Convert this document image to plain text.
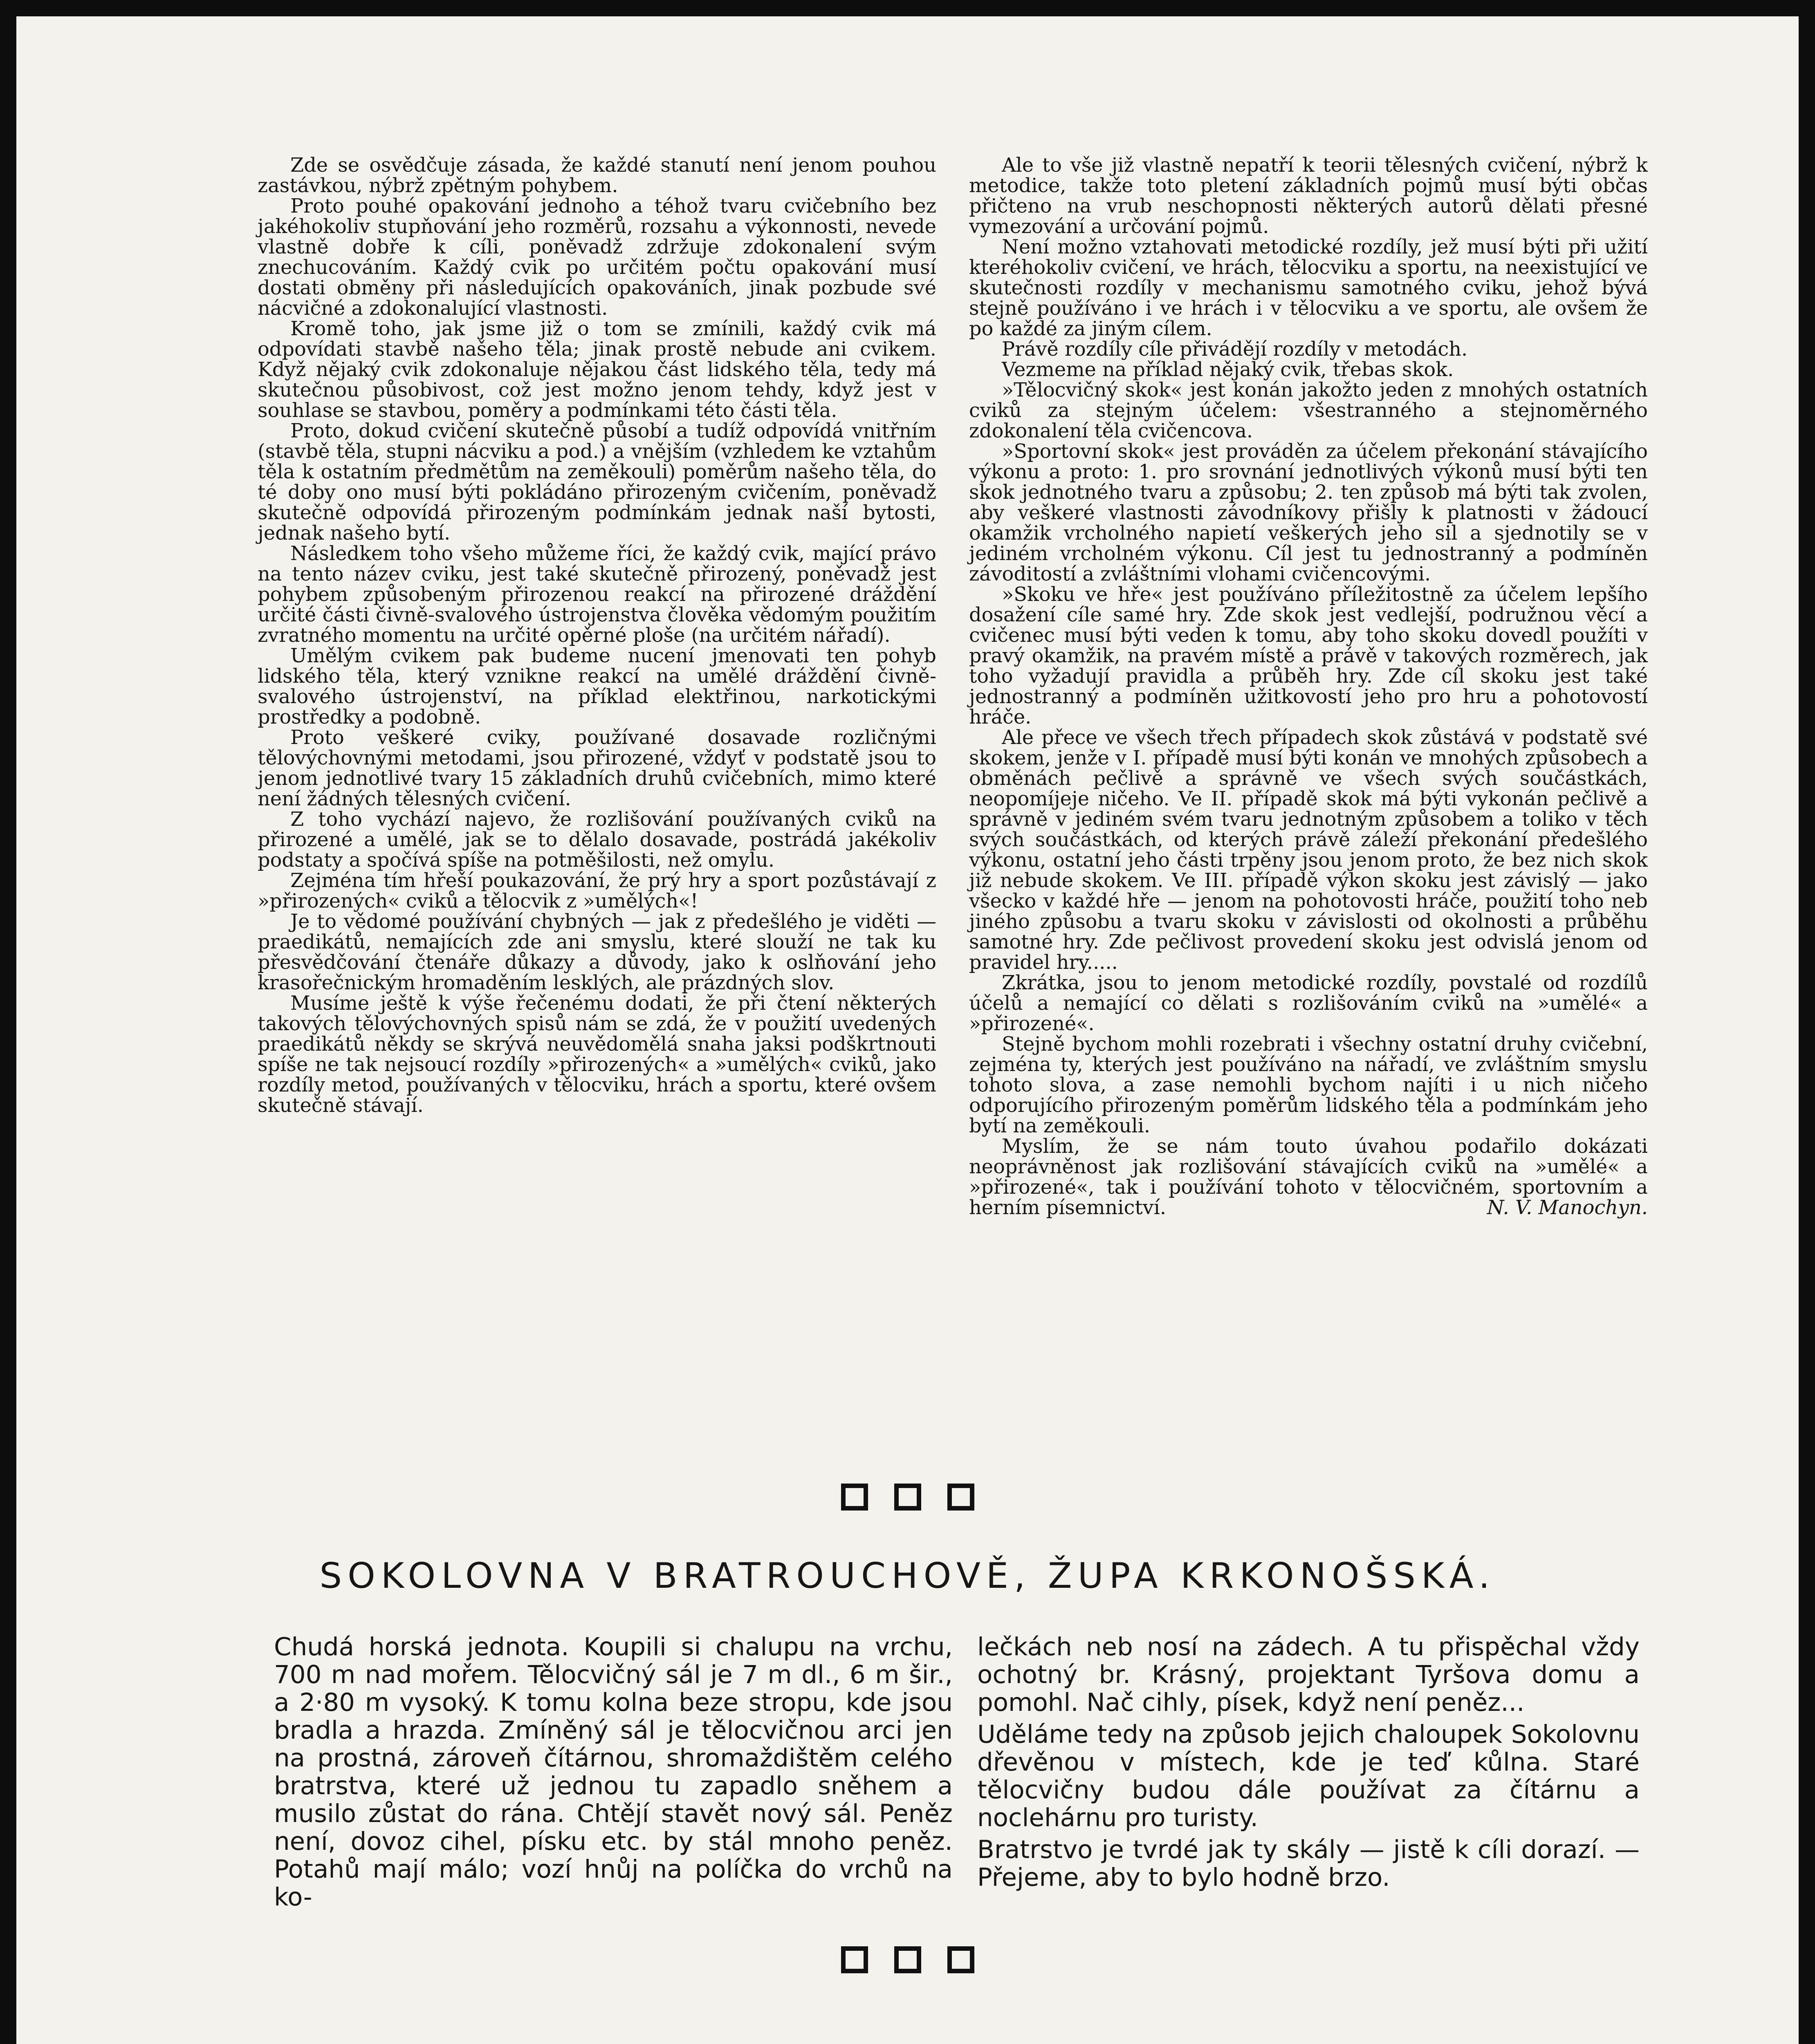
Zde se osvědčuje zásada, že každé stanutí není jenom pouhou zastávkou, nýbrž zpětným pohybem.

Proto pouhé opakování jednoho a téhož tvaru cvičebního bez jakéhokoliv stupňování jeho rozměrů, rozsahu a výkonnosti, nevede vlastně dobře k cíli, poněvadž zdržuje zdokonalení svým znechucováním. Každý cvik po určitém počtu opakování musí dostati obměny při následujících opakováních, jinak pozbude své nácvičné a zdokonalující vlastnosti.

Kromě toho, jak jsme již o tom se zmínili, každý cvik má odpovídati stavbě našeho těla; jinak prostě nebude ani cvikem. Když nějaký cvik zdokonaluje nějakou část lidského těla, tedy má skutečnou působivost, což jest možno jenom tehdy, když jest v souhlase se stavbou, poměry a podmínkami této části těla.

Proto, dokud cvičení skutečně působí a tudíž odpovídá vnitřním (stavbě těla, stupni nácviku a pod.) a vnějším (vzhledem ke vztahům těla k ostatním předmětům na zeměkouli) poměrům našeho těla, do té doby ono musí býti pokládáno přirozeným cvičením, poněvadž skutečně odpovídá přirozeným podmínkám jednak naší bytosti, jednak našeho bytí.

Následkem toho všeho můžeme říci, že každý cvik, mající právo na tento název cviku, jest také skutečně přirozený, poněvadž jest pohybem způsobeným přirozenou reakcí na přirozené dráždění určité části čivně-svalového ústrojenstva člověka vědomým použitím zvratného momentu na určité opěrné ploše (na určitém nářadí).

Umělým cvikem pak budeme nucení jmenovati ten pohyb lidského těla, který vznikne reakcí na umělé dráždění čivně-svalového ústrojenství, na příklad elektřinou, narkotickými prostředky a podobně.

Proto veškeré cviky, používané dosavade rozličnými tělovýchovnými metodami, jsou přirozené, vždyť v podstatě jsou to jenom jednotlivé tvary 15 základních druhů cvičebních, mimo které není žádných tělesných cvičení.

Z toho vychází najevo, že rozlišování používaných cviků na přirozené a umělé, jak se to dělalo dosavade, postrádá jakékoliv podstaty a spočívá spíše na potměšilosti, než omylu.

Zejména tím hřeší poukazování, že prý hry a sport pozůstávají z »přirozených« cviků a tělocvik z »umělých«!

Je to vědomé používání chybných — jak z předešlého je viděti — praedikátů, nemajících zde ani smyslu, které slouží ne tak ku přesvědčování čtenáře důkazy a důvody, jako k oslňování jeho krasořečnickým hromaděním lesklých, ale prázdných slov.

Musíme ještě k výše řečenému dodati, že při čtení některých takových tělovýchovných spisů nám se zdá, že v použití uvedených praedikátů někdy se skrývá neuvědomělá snaha jaksi podškrtnouti spíše ne tak nejsoucí rozdíly »přirozených« a »umělých« cviků, jako rozdíly metod, používaných v tělocviku, hrách a sportu, které ovšem skutečně stávají.

Ale to vše již vlastně nepatří k teorii tělesných cvičení, nýbrž k metodice, takže toto pletení základních pojmů musí býti občas přičteno na vrub neschopnosti některých autorů dělati přesné vymezování a určování pojmů.

Není možno vztahovati metodické rozdíly, jež musí býti při užití kteréhokoliv cvičení, ve hrách, tělocviku a sportu, na neexistující ve skutečnosti rozdíly v mechanismu samotného cviku, jehož bývá stejně používáno i ve hrách i v tělocviku a ve sportu, ale ovšem že po každé za jiným cílem.

Právě rozdíly cíle přivádějí rozdíly v metodách.

Vezmeme na příklad nějaký cvik, třebas skok.

»Tělocvičný skok« jest konán jakožto jeden z mnohých ostatních cviků za stejným účelem: všestranného a stejnoměrného zdokonalení těla cvičencova.

»Sportovní skok« jest prováděn za účelem překonání stávajícího výkonu a proto: 1. pro srovnání jednotlivých výkonů musí býti ten skok jednotného tvaru a způsobu; 2. ten způsob má býti tak zvolen, aby veškeré vlastnosti závodníkovy přišly k platnosti v žádoucí okamžik vrcholného napietí veškerých jeho sil a sjednotily se v jediném vrcholném výkonu. Cíl jest tu jednostranný a podmíněn závoditostí a zvláštními vlohami cvičencovými.

»Skoku ve hře« jest používáno příležitostně za účelem lepšího dosažení cíle samé hry. Zde skok jest vedlejší, podružnou věcí a cvičenec musí býti veden k tomu, aby toho skoku dovedl použíti v pravý okamžik, na pravém místě a právě v takových rozměrech, jak toho vyžadují pravidla a průběh hry. Zde cíl skoku jest také jednostranný a podmíněn užitkovostí jeho pro hru a pohotovostí hráče.

Ale přece ve všech třech případech skok zůstává v podstatě své skokem, jenže v I. případě musí býti konán ve mnohých způsobech a obměnách pečlivě a správně ve všech svých součástkách, neopomíjeje ničeho. Ve II. případě skok má býti vykonán pečlivě a správně v jediném svém tvaru jednotným způsobem a toliko v těch svých součástkách, od kterých právě záleží překonání předešlého výkonu, ostatní jeho části trpěny jsou jenom proto, že bez nich skok již nebude skokem. Ve III. případě výkon skoku jest závislý — jako všecko v každé hře — jenom na pohotovosti hráče, použití toho neb jiného způsobu a tvaru skoku v závislosti od okolnosti a průběhu samotné hry. Zde pečlivost provedení skoku jest odvislá jenom od pravidel hry.....

Zkrátka, jsou to jenom metodické rozdíly, povstalé od rozdílů účelů a nemající co dělati s rozlišováním cviků na »umělé« a »přirozené«.

Stejně bychom mohli rozebrati i všechny ostatní druhy cvičební, zejména ty, kterých jest používáno na nářadí, ve zvláštním smyslu tohoto slova, a zase nemohli bychom najíti i u nich ničeho odporujícího přirozeným poměrům lidského těla a podmínkám jeho bytí na zeměkouli.

Myslím, že se nám touto úvahou podařilo dokázati neoprávněnost jak rozlišování stávajících cviků na »umělé« a »přirozené«, tak i používání tohoto v tělocvičném, sportovním a herním písemnictví.	N. V. Manochyn.

SOKOLOVNA V BRATROUCHOVĚ, ŽUPA KRKONOŠSKÁ.

Chudá horská jednota. Koupili si chalupu na vrchu, 700 m nad mořem. Tělocvičný sál je 7 m dl., 6 m šir., a 2·80 m vysoký. K tomu kolna beze stropu, kde jsou bradla a hrazda. Zmíněný sál je tělocvičnou arci jen na prostná, zároveň čítárnou, shromaždištěm celého bratrstva, které už jednou tu zapadlo sněhem a musilo zůstat do rána. Chtějí stavět nový sál. Peněz není, dovoz cihel, písku etc. by stál mnoho peněz. Potahů mají málo; vozí hnůj na políčka do vrchů na ko-

lečkách neb nosí na zádech. A tu přispěchal vždy ochotný br. Krásný, projektant Tyršova domu a pomohl. Nač cihly, písek, když není peněz...

Uděláme tedy na způsob jejich chaloupek Sokolovnu dřevěnou v místech, kde je teď kůlna. Staré tělocvičny budou dále používat za čítárnu a noclehárnu pro turisty.

Bratrstvo je tvrdé jak ty skály — jistě k cíli dorazí. — Přejeme, aby to bylo hodně brzo.
